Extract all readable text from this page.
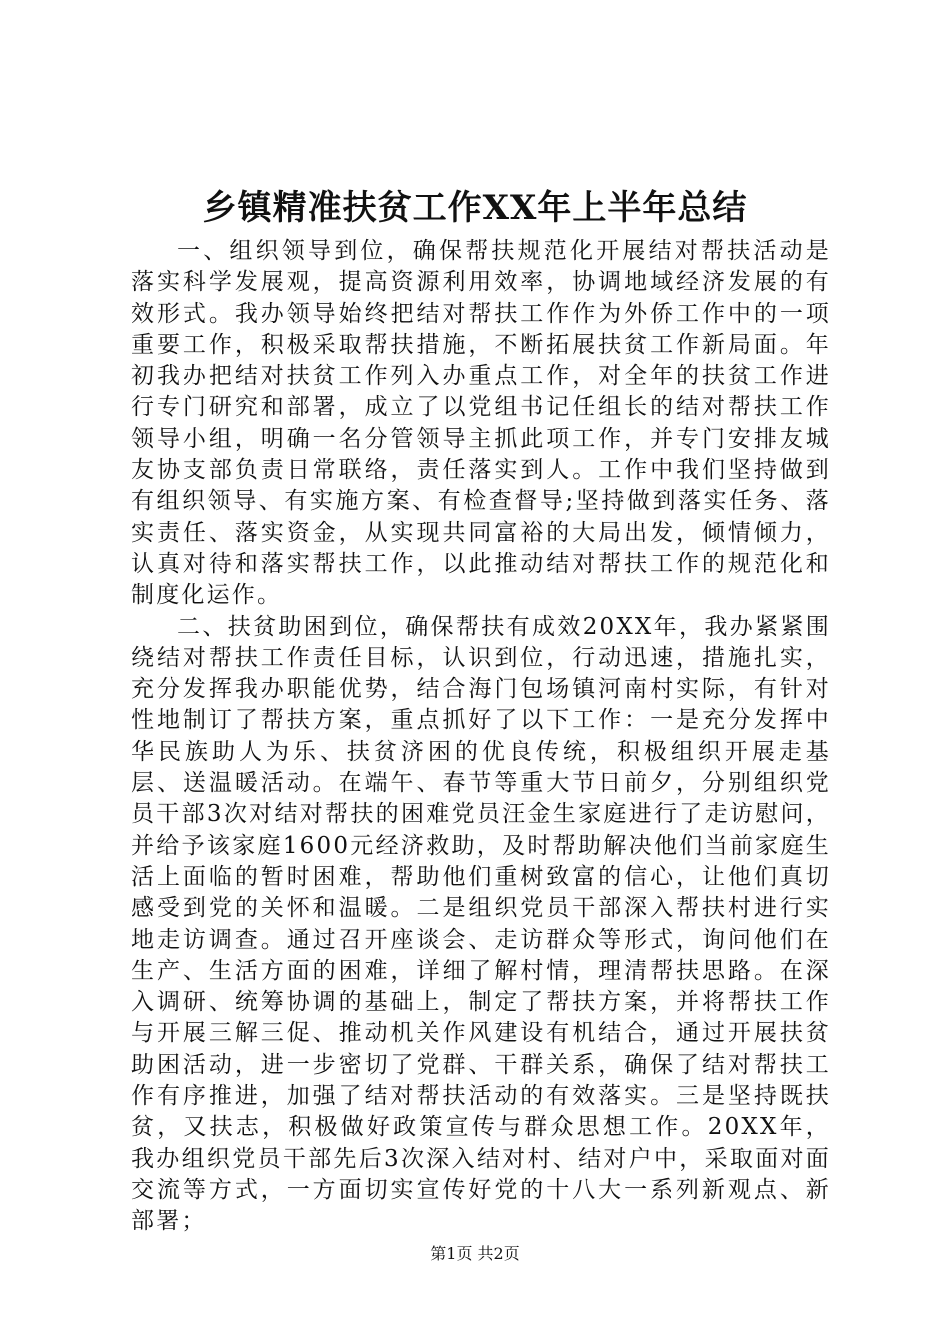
乡镇精准扶贫工作XX年上半年总结

一、组织领导到位，确保帮扶规范化开展结对帮扶活动是落实科学发展观，提高资源利用效率，协调地域经济发展的有效形式。我办领导始终把结对帮扶工作作为外侨工作中的一项重要工作，积极采取帮扶措施，不断拓展扶贫工作新局面。年初我办把结对扶贫工作列入办重点工作，对全年的扶贫工作进行专门研究和部署，成立了以党组书记任组长的结对帮扶工作领导小组，明确一名分管领导主抓此项工作，并专门安排友城友协支部负责日常联络，责任落实到人。工作中我们坚持做到有组织领导、有实施方案、有检查督导;坚持做到落实任务、落实责任、落实资金，从实现共同富裕的大局出发，倾情倾力，认真对待和落实帮扶工作，以此推动结对帮扶工作的规范化和制度化运作。

二、扶贫助困到位，确保帮扶有成效20XX年，我办紧紧围绕结对帮扶工作责任目标，认识到位，行动迅速，措施扎实，充分发挥我办职能优势，结合海门包场镇河南村实际，有针对性地制订了帮扶方案，重点抓好了以下工作：一是充分发挥中华民族助人为乐、扶贫济困的优良传统，积极组织开展走基层、送温暖活动。在端午、春节等重大节日前夕，分别组织党员干部3次对结对帮扶的困难党员汪金生家庭进行了走访慰问，并给予该家庭1600元经济救助，及时帮助解决他们当前家庭生活上面临的暂时困难，帮助他们重树致富的信心，让他们真切感受到党的关怀和温暖。二是组织党员干部深入帮扶村进行实地走访调查。通过召开座谈会、走访群众等形式，询问他们在生产、生活方面的困难，详细了解村情，理清帮扶思路。在深入调研、统筹协调的基础上，制定了帮扶方案，并将帮扶工作与开展三解三促、推动机关作风建设有机结合，通过开展扶贫助困活动，进一步密切了党群、干群关系，确保了结对帮扶工作有序推进，加强了结对帮扶活动的有效落实。三是坚持既扶贫，又扶志，积极做好政策宣传与群众思想工作。20XX年，我办组织党员干部先后3次深入结对村、结对户中，采取面对面交流等方式，一方面切实宣传好党的十八大一系列新观点、新部署；

第1页 共2页
